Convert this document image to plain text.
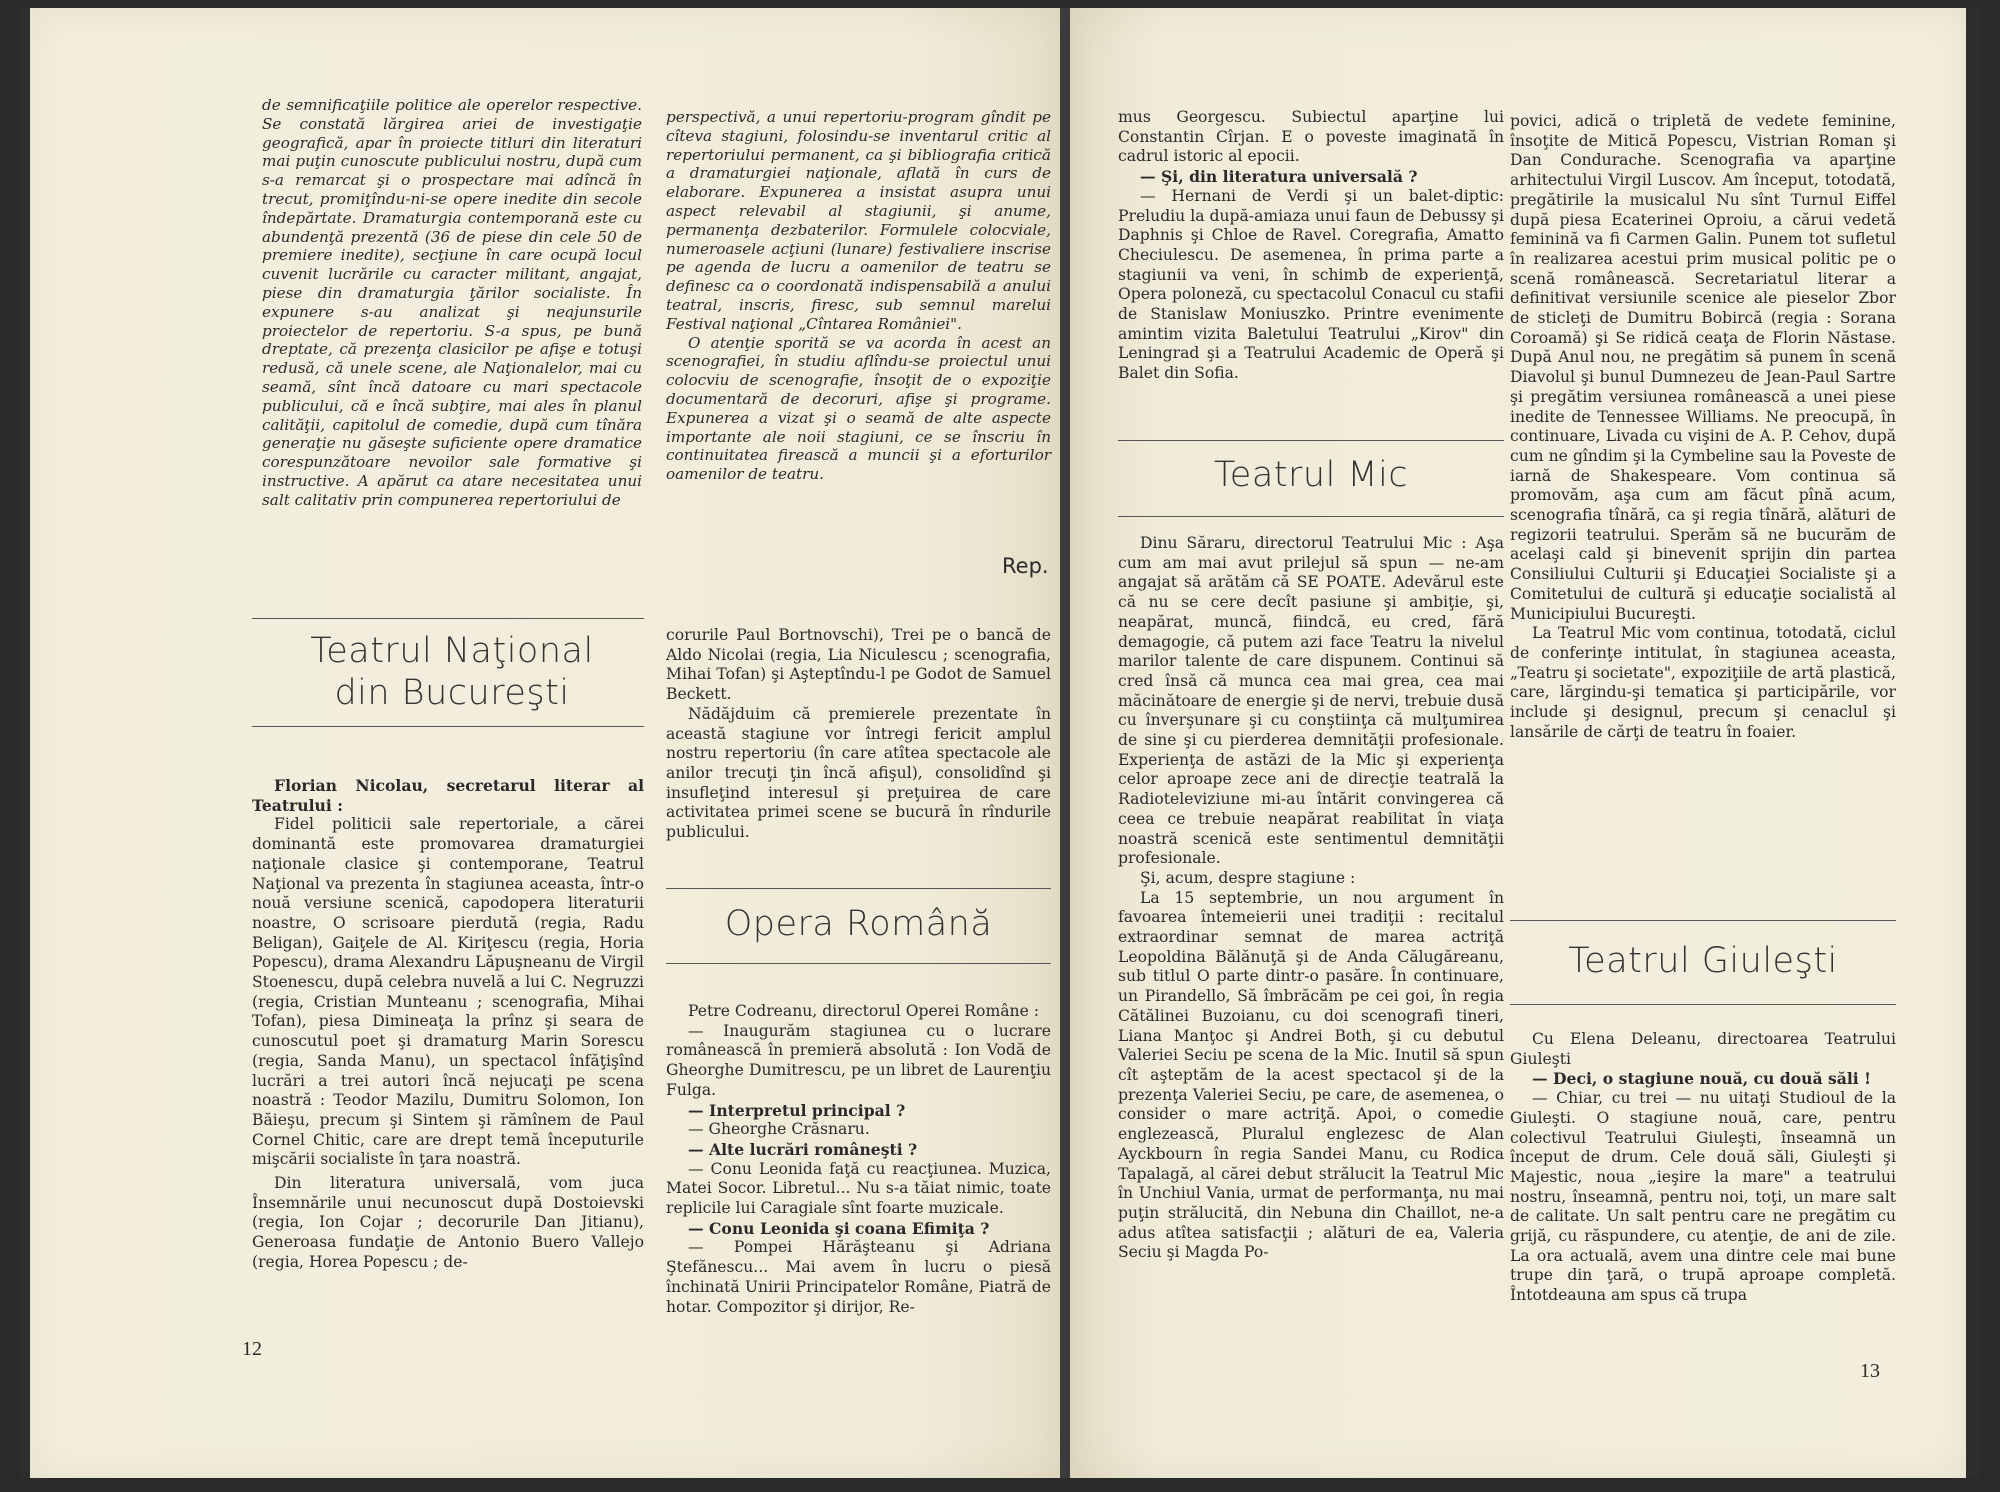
de semnificaţiile politice ale operelor respective. Se constată lărgirea ariei de investigaţie geografică, apar în proiecte titluri din literaturi mai puţin cunoscute publicului nostru, după cum s-a remarcat şi o prospectare mai adîncă în trecut, promiţîndu-ni-se opere inedite din secole îndepărtate. Dramaturgia contemporană este cu abundenţă prezentă (36 de piese din cele 50 de premiere inedite), secţiune în care ocupă locul cuvenit lucrările cu caracter militant, angajat, piese din dramaturgia ţărilor socialiste. În expunere s-au analizat şi neajunsurile proiectelor de repertoriu. S-a spus, pe bună dreptate, că prezenţa clasicilor pe afişe e totuşi redusă, că unele scene, ale Naţionalelor, mai cu seamă, sînt încă datoare cu mari spectacole publicului, că e încă subţire, mai ales în planul calităţii, capitolul de comedie, după cum tînăra generaţie nu găseşte suficiente opere dramatice corespunzătoare nevoilor sale formative şi instructive. A apărut ca atare necesitatea unui salt calitativ prin compunerea repertoriului de

perspectivă, a unui repertoriu-program gîndit pe cîteva stagiuni, folosindu-se inventarul critic al repertoriului permanent, ca şi bibliografia critică a dramaturgiei naţionale, aflată în curs de elaborare. Expunerea a insistat asupra unui aspect relevabil al stagiunii, şi anume, permanenţa dezbaterilor. Formulele colocviale, numeroasele acţiuni (lunare) festivaliere inscrise pe agenda de lucru a oamenilor de teatru se definesc ca o coordonată indispensabilă a anului teatral, inscris, firesc, sub semnul marelui Festival naţional „Cîntarea României".

O atenţie sporită se va acorda în acest an scenografiei, în studiu aflîndu-se proiectul unui colocviu de scenografie, însoţit de o expoziţie documentară de decoruri, afişe şi programe. Expunerea a vizat şi o seamă de alte aspecte importante ale noii stagiuni, ce se înscriu în continuitatea firească a muncii şi a eforturilor oamenilor de teatru.

Rep.
Teatrul Naţional din Bucureşti

Florian Nicolau, secretarul literar al Teatrului :

Fidel politicii sale repertoriale, a cărei dominantă este promovarea dramaturgiei naţionale clasice şi contemporane, Teatrul Naţional va prezenta în stagiunea aceasta, într-o nouă versiune scenică, capodopera literaturii noastre, O scrisoare pierdută (regia, Radu Beligan), Gaiţele de Al. Kiriţescu (regia, Horia Popescu), drama Alexandru Lăpuşneanu de Virgil Stoenescu, după celebra nuvelă a lui C. Negruzzi (regia, Cristian Munteanu ; scenografia, Mihai Tofan), piesa Dimineaţa la prînz şi seara de cunoscutul poet şi dramaturg Marin Sorescu (regia, Sanda Manu), un spectacol înfăţişînd lucrări a trei autori încă nejucaţi pe scena noastră : Teodor Mazilu, Dumitru Solomon, Ion Băieşu, precum şi Sintem şi rămînem de Paul Cornel Chitic, care are drept temă începuturile mişcării socialiste în ţara noastră.

Din literatura universală, vom juca Însemnările unui necunoscut după Dostoievski (regia, Ion Cojar ; decorurile Dan Jitianu), Generoasa fundaţie de Antonio Buero Vallejo (regia, Horea Popescu ; de-

corurile Paul Bortnovschi), Trei pe o bancă de Aldo Nicolai (regia, Lia Niculescu ; scenografia, Mihai Tofan) şi Aşteptîndu-l pe Godot de Samuel Beckett.

Nădăjduim că premierele prezentate în această stagiune vor întregi fericit amplul nostru repertoriu (în care atîtea spectacole ale anilor trecuţi ţin încă afişul), consolidînd şi insufleţind interesul şi preţuirea de care activitatea primei scene se bucură în rîndurile publicului.

Opera Română

Petre Codreanu, directorul Operei Române :

— Inaugurăm stagiunea cu o lucrare românească în premieră absolută : Ion Vodă de Gheorghe Dumitrescu, pe un libret de Laurenţiu Fulga.

— Interpretul principal ?

— Gheorghe Crăsnaru.

— Alte lucrări româneşti ?

— Conu Leonida faţă cu reacţiunea. Muzica, Matei Socor. Libretul... Nu s-a tăiat nimic, toate replicile lui Caragiale sînt foarte muzicale.

— Conu Leonida şi coana Efimiţa ?

— Pompei Hărăşteanu şi Adriana Ştefănescu... Mai avem în lucru o piesă închinată Unirii Principatelor Române, Piatră de hotar. Compozitor şi dirijor, Re-

12

mus Georgescu. Subiectul aparţine lui Constantin Cîrjan. E o poveste imaginată în cadrul istoric al epocii.

— Şi, din literatura universală ?

— Hernani de Verdi şi un balet-diptic: Preludiu la după-amiaza unui faun de Debussy şi Daphnis şi Chloe de Ravel. Coregrafia, Amatto Checiulescu. De asemenea, în prima parte a stagiunii va veni, în schimb de experienţă, Opera poloneză, cu spectacolul Conacul cu stafii de Stanislaw Moniuszko. Printre evenimente amintim vizita Baletului Teatrului „Kirov" din Leningrad şi a Teatrului Academic de Operă şi Balet din Sofia.

Teatrul Mic

Dinu Săraru, directorul Teatrului Mic : Aşa cum am mai avut prilejul să spun — ne-am angajat să arătăm că SE POATE. Adevărul este că nu se cere decît pasiune şi ambiţie, şi, neapărat, muncă, fiindcă, eu cred, fără demagogie, că putem azi face Teatru la nivelul marilor talente de care dispunem. Continui să cred însă că munca cea mai grea, cea mai măcinătoare de energie şi de nervi, trebuie dusă cu înverşunare şi cu conştiinţa că mulţumirea de sine şi cu pierderea demnităţii profesionale. Experienţa de astăzi de la Mic şi experienţa celor aproape zece ani de direcţie teatrală la Radioteleviziune mi-au întărit convingerea că ceea ce trebuie neapărat reabilitat în viaţa noastră scenică este sentimentul demnităţii profesionale.

Şi, acum, despre stagiune :

La 15 septembrie, un nou argument în favoarea întemeierii unei tradiţii : recitalul extraordinar semnat de marea actriţă Leopoldina Bălănuţă şi de Anda Călugăreanu, sub titlul O parte dintr-o pasăre. În continuare, un Pirandello, Să îmbrăcăm pe cei goi, în regia Cătălinei Buzoianu, cu doi scenografi tineri, Liana Manţoc şi Andrei Both, şi cu debutul Valeriei Seciu pe scena de la Mic. Inutil să spun cît aşteptăm de la acest spectacol şi de la prezenţa Valeriei Seciu, pe care, de asemenea, o consider o mare actriţă. Apoi, o comedie englezească, Pluralul englezesc de Alan Ayckbourn în regia Sandei Manu, cu Rodica Tapalagă, al cărei debut strălucit la Teatrul Mic în Unchiul Vania, urmat de performanţa, nu mai puţin strălucită, din Nebuna din Chaillot, ne-a adus atîtea satisfacţii ; alături de ea, Valeria Seciu şi Magda Po-

povici, adică o tripletă de vedete feminine, însoţite de Mitică Popescu, Vistrian Roman şi Dan Condurache. Scenografia va aparţine arhitectului Virgil Luscov. Am început, totodată, pregătirile la musicalul Nu sînt Turnul Eiffel după piesa Ecaterinei Oproiu, a cărui vedetă feminină va fi Carmen Galin. Punem tot sufletul în realizarea acestui prim musical politic pe o scenă românească. Secretariatul literar a definitivat versiunile scenice ale pieselor Zbor de sticleţi de Dumitru Bobircă (regia : Sorana Coroamă) şi Se ridică ceaţa de Florin Năstase. După Anul nou, ne pregătim să punem în scenă Diavolul şi bunul Dumnezeu de Jean-Paul Sartre şi pregătim versiunea românească a unei piese inedite de Tennessee Williams. Ne preocupă, în continuare, Livada cu vişini de A. P. Cehov, după cum ne gîndim şi la Cymbeline sau la Poveste de iarnă de Shakespeare. Vom continua să promovăm, aşa cum am făcut pînă acum, scenografia tînără, ca şi regia tînără, alături de regizorii teatrului. Sperăm să ne bucurăm de acelaşi cald şi binevenit sprijin din partea Consiliului Culturii şi Educaţiei Socialiste şi a Comitetului de cultură şi educaţie socialistă al Municipiului Bucureşti.

La Teatrul Mic vom continua, totodată, ciclul de conferinţe intitulat, în stagiunea aceasta, „Teatru şi societate", expoziţiile de artă plastică, care, lărgindu-şi tematica şi participările, vor include şi designul, precum şi cenaclul şi lansările de cărţi de teatru în foaier.

Teatrul Giuleşti

Cu Elena Deleanu, directoarea Teatrului Giuleşti

— Deci, o stagiune nouă, cu două săli !

— Chiar, cu trei — nu uitaţi Studioul de la Giuleşti. O stagiune nouă, care, pentru colectivul Teatrului Giuleşti, înseamnă un început de drum. Cele două săli, Giuleşti şi Majestic, noua „ieşire la mare" a teatrului nostru, înseamnă, pentru noi, toţi, un mare salt de calitate. Un salt pentru care ne pregătim cu grijă, cu răspundere, cu atenţie, de ani de zile. La ora actuală, avem una dintre cele mai bune trupe din ţară, o trupă aproape completă. Întotdeauna am spus că trupa

13
